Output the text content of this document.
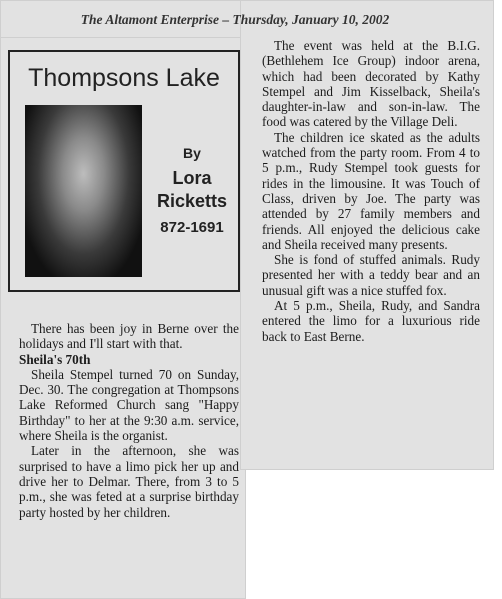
The Altamont Enterprise – Thursday, January 10, 2002
Thompsons Lake
By
Lora
Ricketts
872-1691

There has been joy in Berne over the holidays and I'll start with that.

Sheila's 70th

Sheila Stempel turned 70 on Sunday, Dec. 30. The congregation at Thompsons Lake Reformed Church sang "Happy Birthday" to her at the 9:30 a.m. service, where Sheila is the organist.

Later in the afternoon, she was surprised to have a limo pick her up and drive her to Delmar. There, from 3 to 5 p.m., she was feted at a surprise birthday party hosted by her children.

The event was held at the B.I.G. (Bethlehem Ice Group) indoor arena, which had been decorated by Kathy Stempel and Jim Kisselback, Sheila's daughter-in-law and son-in-law. The food was catered by the Village Deli.

The children ice skated as the adults watched from the party room. From 4 to 5 p.m., Rudy Stempel took guests for rides in the limousine. It was Touch of Class, driven by Joe. The party was attended by 27 family members and friends. All enjoyed the delicious cake and Sheila received many presents.

She is fond of stuffed animals. Rudy presented her with a teddy bear and an unusual gift was a nice stuffed fox.

At 5 p.m., Sheila, Rudy, and Sandra entered the limo for a luxurious ride back to East Berne.
